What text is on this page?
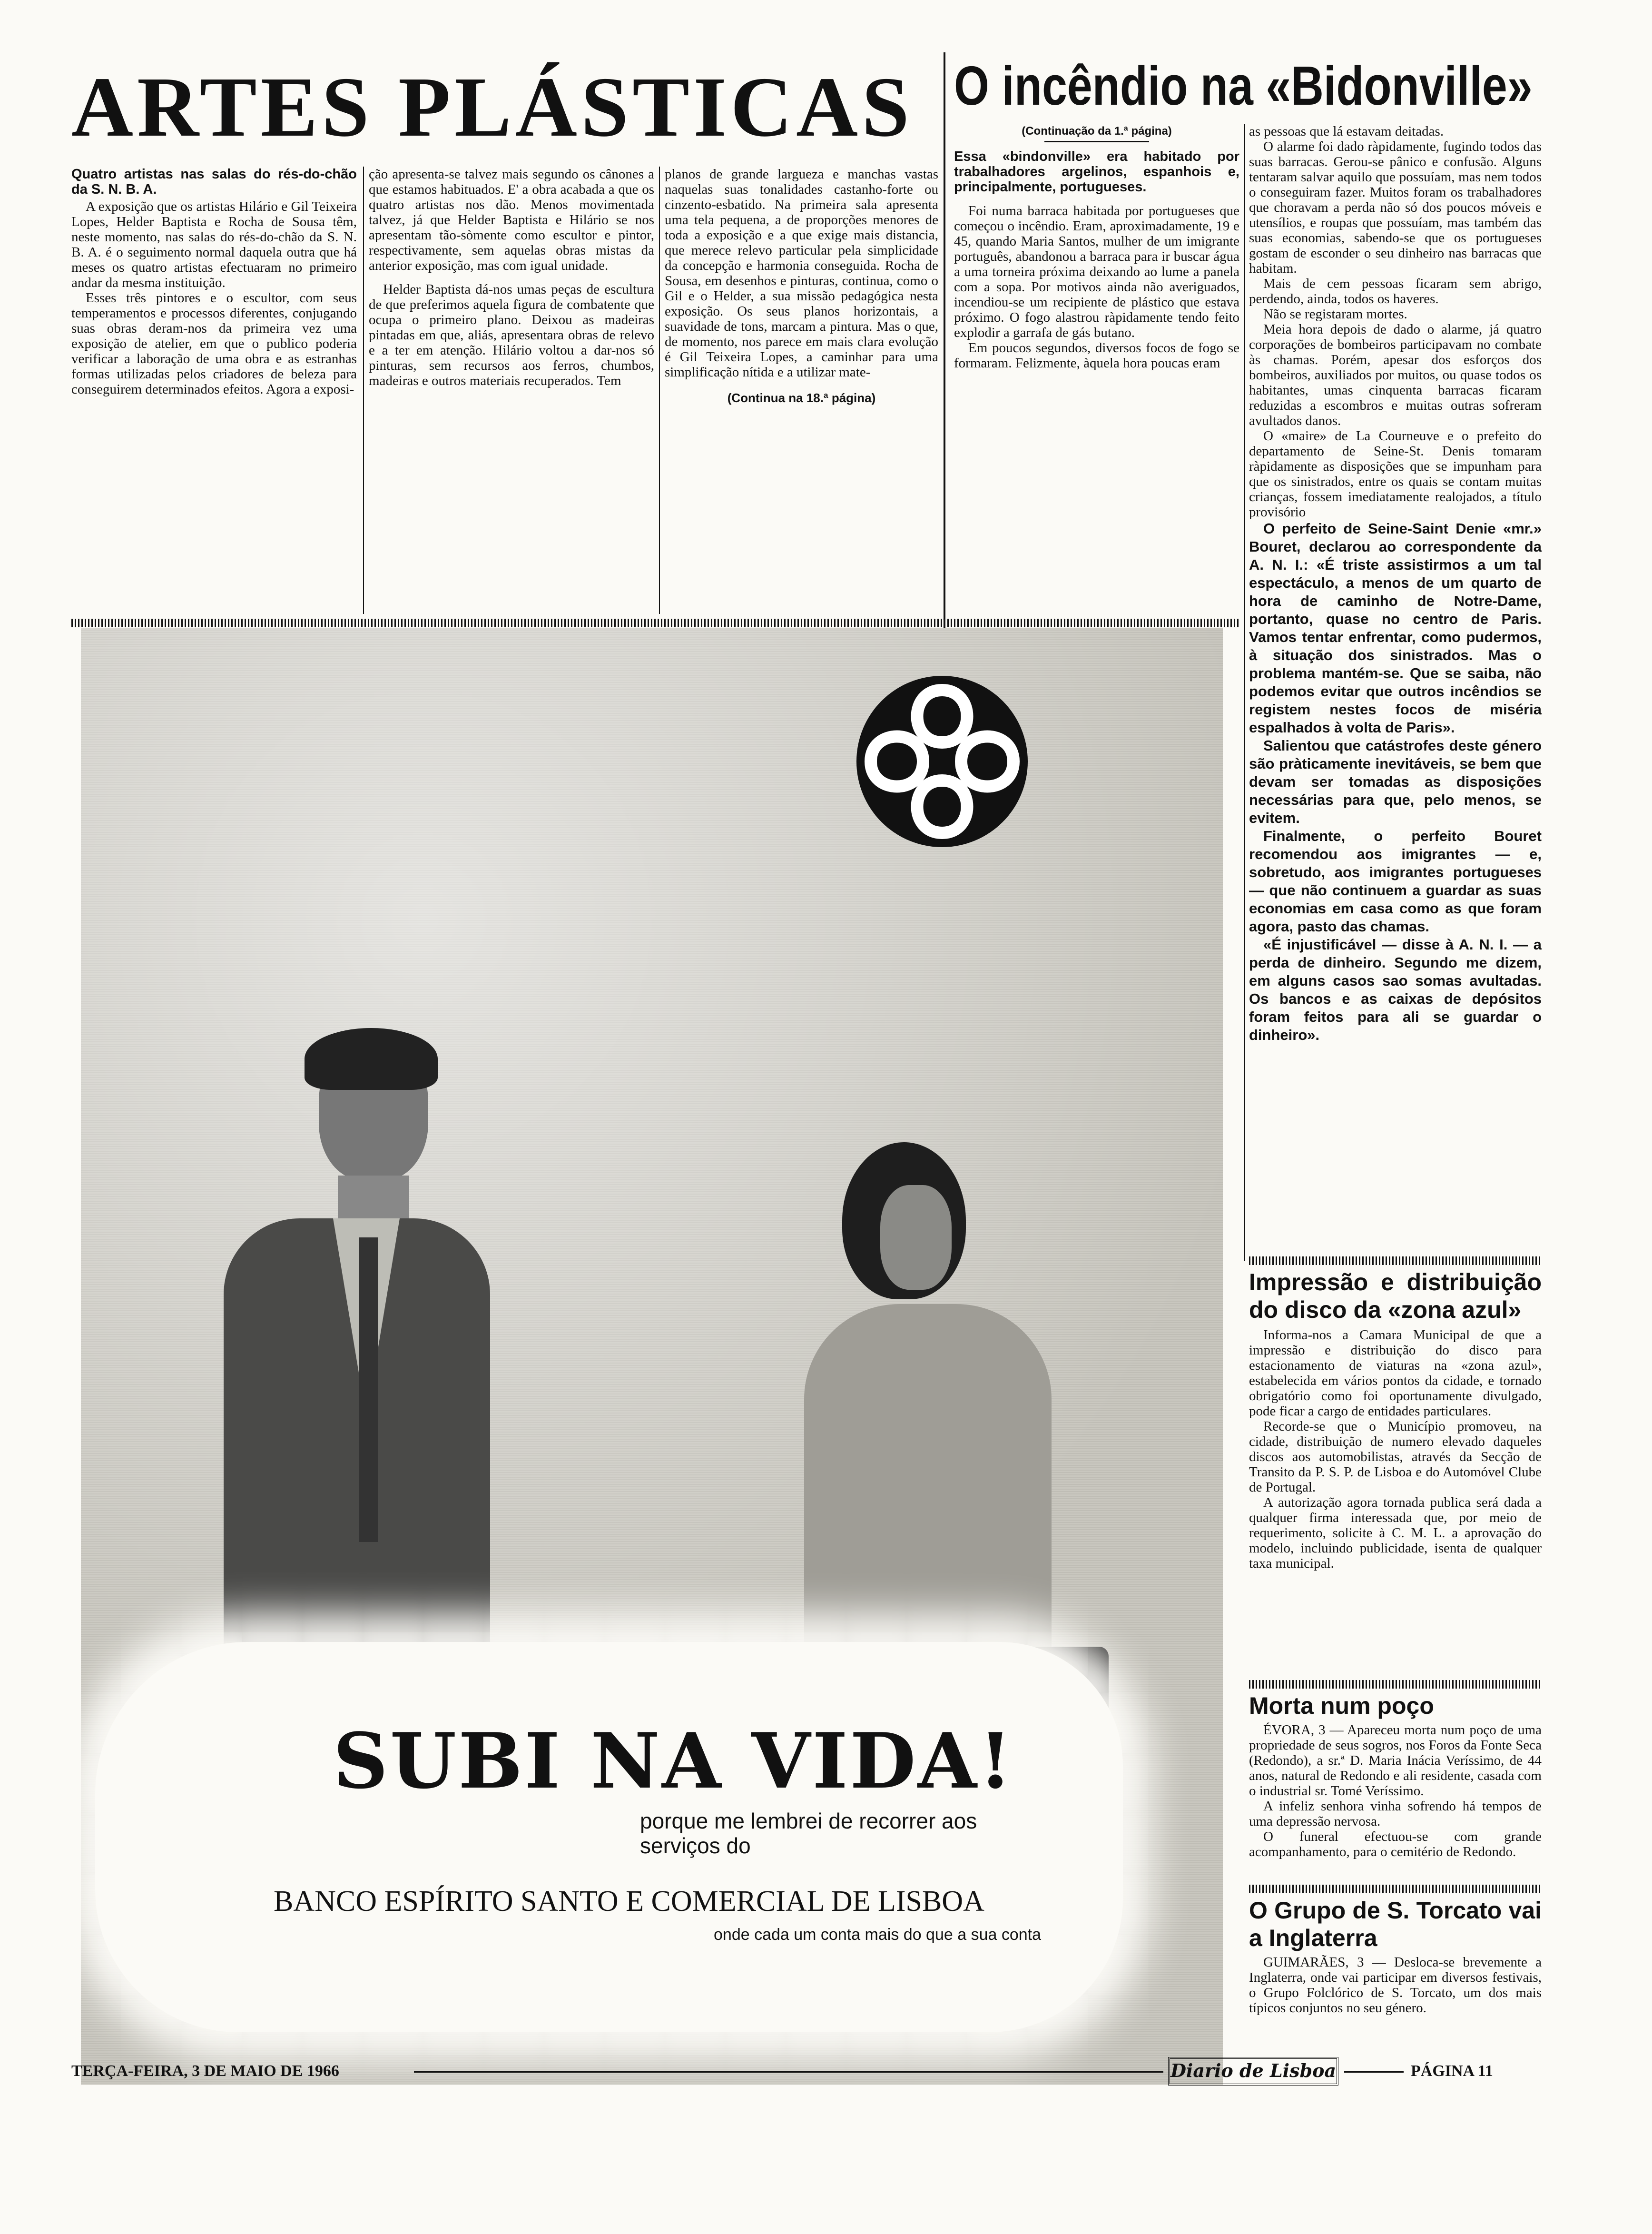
ARTES PLÁSTICAS
Quatro artistas nas salas do rés-do-chão da S. N. B. A.

A exposição que os artistas Hilário e Gil Teixeira Lopes, Helder Baptista e Rocha de Sousa têm, neste momento, nas salas do rés-do-chão da S. N. B. A. é o seguimento normal daquela outra que há meses os quatro artistas efectuaram no primeiro andar da mesma instituição.

Esses três pintores e o escultor, com seus temperamentos e processos diferentes, conjugando suas obras deram-nos da primeira vez uma exposição de atelier, em que o publico poderia verificar a laboração de uma obra e as estranhas formas utilizadas pelos criadores de beleza para conseguirem determinados efeitos. Agora a exposi-

ção apresenta-se talvez mais segundo os cânones a que estamos habituados. E' a obra acabada a que os quatro artistas nos dão. Menos movimentada talvez, já que Helder Baptista e Hilário se nos apresentam tão-sòmente como escultor e pintor, respectivamente, sem aquelas obras mistas da anterior exposição, mas com igual unidade.

Helder Baptista dá-nos umas peças de escultura de que preferimos aquela figura de combatente que ocupa o primeiro plano. Deixou as madeiras pintadas em que, aliás, apresentara obras de relevo e a ter em atenção. Hilário voltou a dar-nos só pinturas, sem recursos aos ferros, chumbos, madeiras e outros materiais recuperados. Tem

planos de grande largueza e manchas vastas naquelas suas tonalidades castanho-forte ou cinzento-esbatido. Na primeira sala apresenta uma tela pequena, a de proporções menores de toda a exposição e a que exige mais distancia, que merece relevo particular pela simplicidade da concepção e harmonia conseguida. Rocha de Sousa, em desenhos e pinturas, continua, como o Gil e o Helder, a sua missão pedagógica nesta exposição. Os seus planos horizontais, a suavidade de tons, marcam a pintura. Mas o que, de momento, nos parece em mais clara evolução é Gil Teixeira Lopes, a caminhar para uma simplificação nítida e a utilizar mate-

(Continua na 18.ª página)
O incêndio na «Bidonville»
(Continuação da 1.ª página)
Essa «bindonville» era habitado por trabalhadores argelinos, espanhois e, principalmente, portugueses.

Foi numa barraca habitada por portugueses que começou o incêndio. Eram, aproximadamente, 19 e 45, quando Maria Santos, mulher de um imigrante português, abandonou a barraca para ir buscar água a uma torneira próxima deixando ao lume a panela com a sopa. Por motivos ainda não averiguados, incendiou-se um recipiente de plástico que estava próximo. O fogo alastrou ràpidamente tendo feito explodir a garrafa de gás butano.

Em poucos segundos, diversos focos de fogo se formaram. Felizmente, àquela hora poucas eram

as pessoas que lá estavam deitadas.

O alarme foi dado ràpidamente, fugindo todos das suas barracas. Gerou-se pânico e confusão. Alguns tentaram salvar aquilo que possuíam, mas nem todos o conseguiram fazer. Muitos foram os trabalhadores que choravam a perda não só dos poucos móveis e utensílios, e roupas que possuíam, mas também das suas economias, sabendo-se que os portugueses gostam de esconder o seu dinheiro nas barracas que habitam.

Mais de cem pessoas ficaram sem abrigo, perdendo, ainda, todos os haveres.

Não se registaram mortes.

Meia hora depois de dado o alarme, já quatro corporações de bombeiros participavam no combate às chamas. Porém, apesar dos esforços dos bombeiros, auxiliados por muitos, ou quase todos os habitantes, umas cinquenta barracas ficaram reduzidas a escombros e muitas outras sofreram avultados danos.

O «maire» de La Courneuve e o prefeito do departamento de Seine-St. Denis tomaram ràpidamente as disposições que se impunham para que os sinistrados, entre os quais se contam muitas crianças, fossem imediatamente realojados, a título provisório

O perfeito de Seine-Saint Denie «mr.» Bouret, declarou ao correspondente da A. N. I.: «É triste assistirmos a um tal espectáculo, a menos de um quarto de hora de caminho de Notre-Dame, portanto, quase no centro de Paris. Vamos tentar enfrentar, como pudermos, à situação dos sinistrados. Mas o problema mantém-se. Que se saiba, não podemos evitar que outros incêndios se registem nestes focos de miséria espalhados à volta de Paris».

Salientou que catástrofes deste género são pràticamente inevitáveis, se bem que devam ser tomadas as disposições necessárias para que, pelo menos, se evitem.

Finalmente, o perfeito Bouret recomendou aos imigrantes — e, sobretudo, aos imigrantes portugueses — que não continuem a guardar as suas economias em casa como as que foram agora, pasto das chamas.

«É injustificável — disse à A. N. I. — a perda de dinheiro. Segundo me dizem, em alguns casos sao somas avultadas. Os bancos e as caixas de depósitos foram feitos para ali se guardar o dinheiro».

Impressão e distribuição do disco da «zona azul»

Informa-nos a Camara Municipal de que a impressão e distribuição do disco para estacionamento de viaturas na «zona azul», estabelecida em vários pontos da cidade, e tornado obrigatório como foi oportunamente divulgado, pode ficar a cargo de entidades particulares.

Recorde-se que o Município promoveu, na cidade, distribuição de numero elevado daqueles discos aos automobilistas, através da Secção de Transito da P. S. P. de Lisboa e do Automóvel Clube de Portugal.

A autorização agora tornada publica será dada a qualquer firma interessada que, por meio de requerimento, solicite à C. M. L. a aprovação do modelo, incluindo publicidade, isenta de qualquer taxa municipal.

Morta num poço

ÉVORA, 3 — Apareceu morta num poço de uma propriedade de seus sogros, nos Foros da Fonte Seca (Redondo), a sr.ª D. Maria Inácia Veríssimo, de 44 anos, natural de Redondo e ali residente, casada com o industrial sr. Tomé Veríssimo.

A infeliz senhora vinha sofrendo há tempos de uma depressão nervosa.

O funeral efectuou-se com grande acompanhamento, para o cemitério de Redondo.

O Grupo de S. Torcato vai a Inglaterra

GUIMARÃES, 3 — Desloca-se brevemente a Inglaterra, onde vai participar em diversos festivais, o Grupo Folclórico de S. Torcato, um dos mais típicos conjuntos no seu género.

SUBI NA VIDA!
porque me lembrei de recorrer aos
serviços do
BANCO ESPÍRITO SANTO E COMERCIAL DE LISBOA
onde cada um conta mais do que a sua conta
TERÇA-FEIRA, 3 DE MAIO DE 1966	Diario de Lisboa	PÁGINA 11
